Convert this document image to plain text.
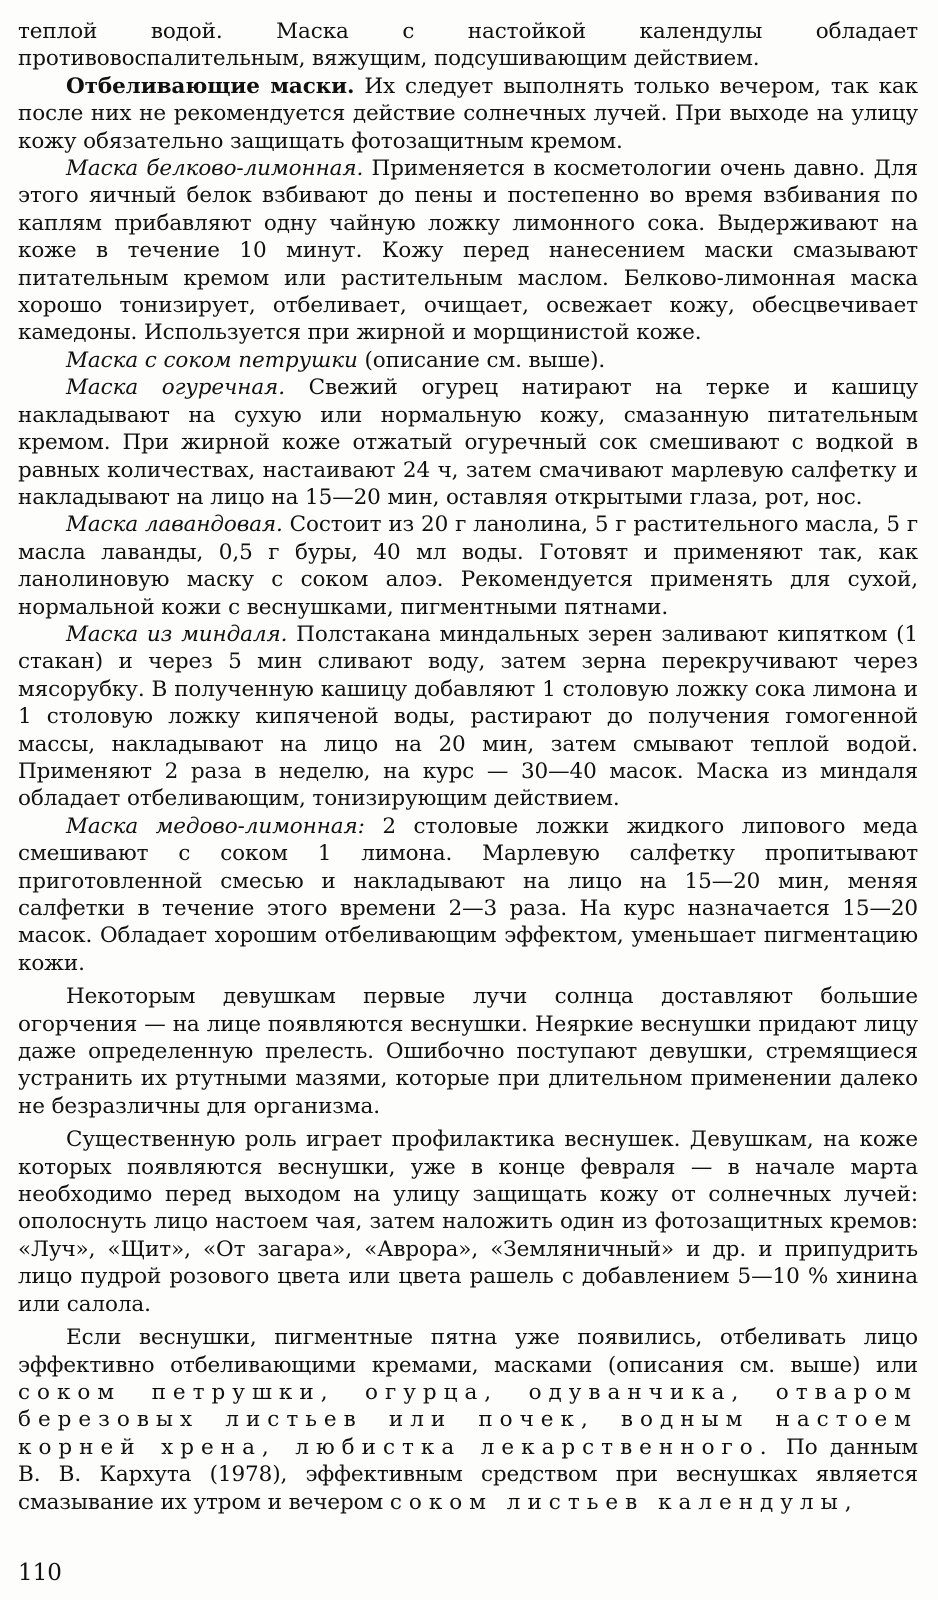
теплой водой. Маска с настойкой календулы обладает противовоспалительным, вяжущим, подсушивающим действием.

Отбеливающие маски. Их следует выполнять только вечером, так как после них не рекомендуется действие солнечных лучей. При выходе на улицу кожу обязательно защищать фотозащитным кремом.

Маска белково-лимонная. Применяется в косметологии очень давно. Для этого яичный белок взбивают до пены и постепенно во время взбивания по каплям прибавляют одну чайную ложку лимонного сока. Выдерживают на коже в течение 10 минут. Кожу перед нанесением маски смазывают питательным кремом или растительным маслом. Белково-лимонная маска хорошо тонизирует, отбеливает, очищает, освежает кожу, обесцвечивает камедоны. Используется при жирной и морщинистой коже.

Маска с соком петрушки (описание см. выше).

Маска огуречная. Свежий огурец натирают на терке и кашицу накладывают на сухую или нормальную кожу, смазанную питательным кремом. При жирной коже отжатый огуречный сок смешивают с водкой в равных количествах, настаивают 24 ч, затем смачивают марлевую салфетку и накладывают на лицо на 15—20 мин, оставляя открытыми глаза, рот, нос.

Маска лавандовая. Состоит из 20 г ланолина, 5 г растительного масла, 5 г масла лаванды, 0,5 г буры, 40 мл воды. Готовят и применяют так, как ланолиновую маску с соком алоэ. Рекомендуется применять для сухой, нормальной кожи с веснушками, пигментными пятнами.

Маска из миндаля. Полстакана миндальных зерен заливают кипятком (1 стакан) и через 5 мин сливают воду, затем зерна перекручивают через мясорубку. В полученную кашицу добавляют 1 столовую ложку сока лимона и 1 столовую ложку кипяченой воды, растирают до получения гомогенной массы, накладывают на лицо на 20 мин, затем смывают теплой водой. Применяют 2 раза в неделю, на курс — 30—40 масок. Маска из миндаля обладает отбеливающим, тонизирующим действием.

Маска медово-лимонная: 2 столовые ложки жидкого липового меда смешивают с соком 1 лимона. Марлевую салфетку пропитывают приготовленной смесью и накладывают на лицо на 15—20 мин, меняя салфетки в течение этого времени 2—3 раза. На курс назначается 15—20 масок. Обладает хорошим отбеливающим эффектом, уменьшает пигментацию кожи.

Некоторым девушкам первые лучи солнца доставляют большие огорчения — на лице появляются веснушки. Неяркие веснушки придают лицу даже определенную прелесть. Ошибочно поступают девушки, стремящиеся устранить их ртутными мазями, которые при длительном применении далеко не безразличны для организма.

Существенную роль играет профилактика веснушек. Девушкам, на коже которых появляются веснушки, уже в конце февраля — в начале марта необходимо перед выходом на улицу защищать кожу от солнечных лучей: ополоснуть лицо настоем чая, затем наложить один из фотозащитных кремов: «Луч», «Щит», «От загара», «Аврора», «Земляничный» и др. и припудрить лицо пудрой розового цвета или цвета рашель с добавлением 5—10 % хинина или салола.

Если веснушки, пигментные пятна уже появились, отбеливать лицо эффективно отбеливающими кремами, масками (описания см. выше) или соком петрушки, огурца, одуванчика, отваром березовых листьев или почек, водным настоем корней хрена, любистка лекарственного. По данным В. В. Кархута (1978), эффективным средством при веснушках является смазывание их утром и вечером соком листьев календулы,

110
